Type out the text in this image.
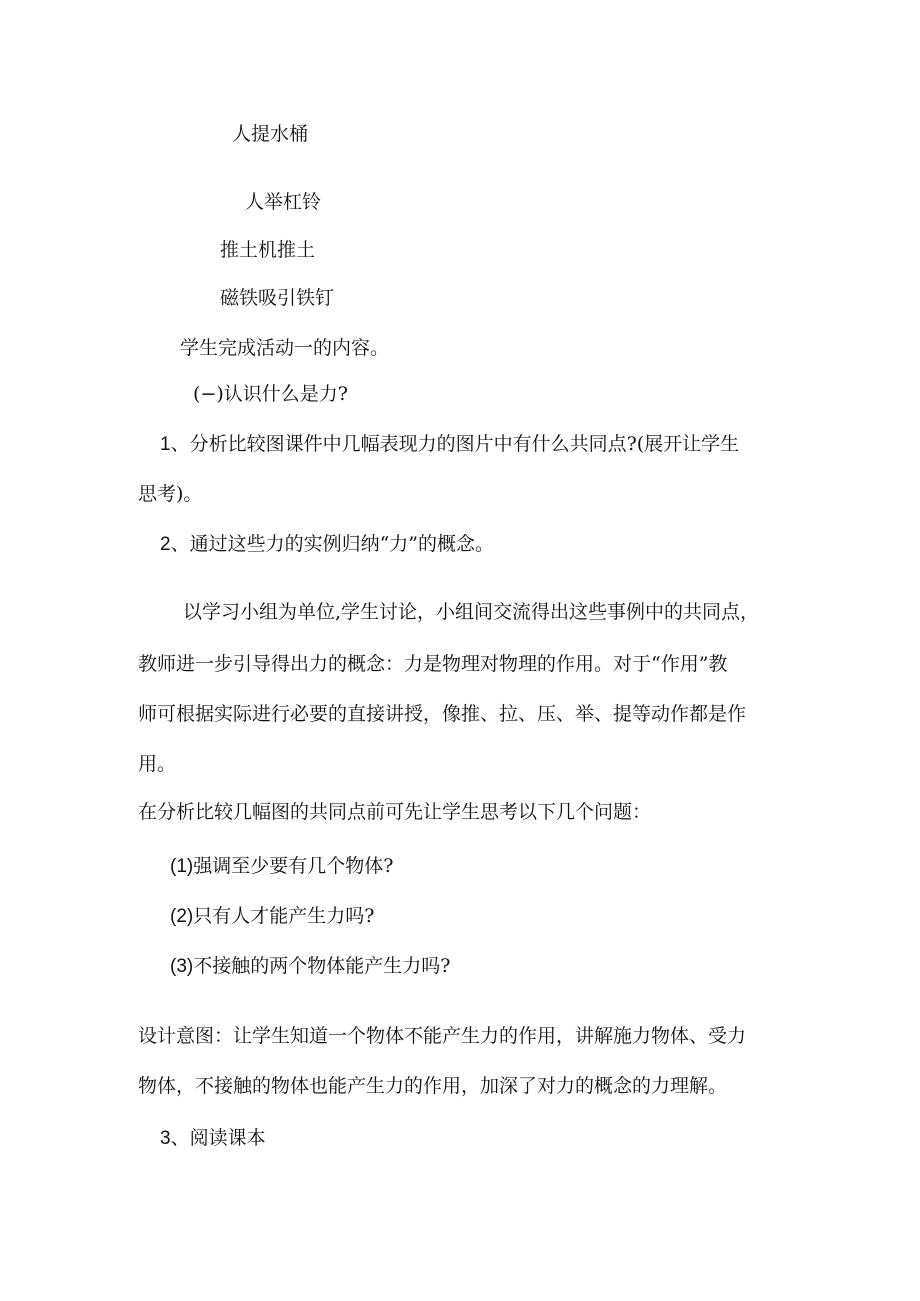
人提水桶
人举杠铃
推土机推土
磁铁吸引铁钉
学生完成活动一的内容。
(−)认识什么是力?
1、分析比较图课件中几幅表现力的图片中有什么共同点?(展开让学生
思考)。
2、通过这些力的实例归纳“力”的概念。
以学习小组为单位,学生讨论，小组间交流得出这些事例中的共同点，
教师进一步引导得出力的概念：力是物理对物理的作用。对于“作用”教
师可根据实际进行必要的直接讲授，像推、拉、压、举、提等动作都是作
用。
在分析比较几幅图的共同点前可先让学生思考以下几个问题：
(1)强调至少要有几个物体?
(2)只有人才能产生力吗?
(3)不接触的两个物体能产生力吗?
设计意图：让学生知道一个物体不能产生力的作用，讲解施力物体、受力
物体，不接触的物体也能产生力的作用，加深了对力的概念的力理解。
3、阅读课本
